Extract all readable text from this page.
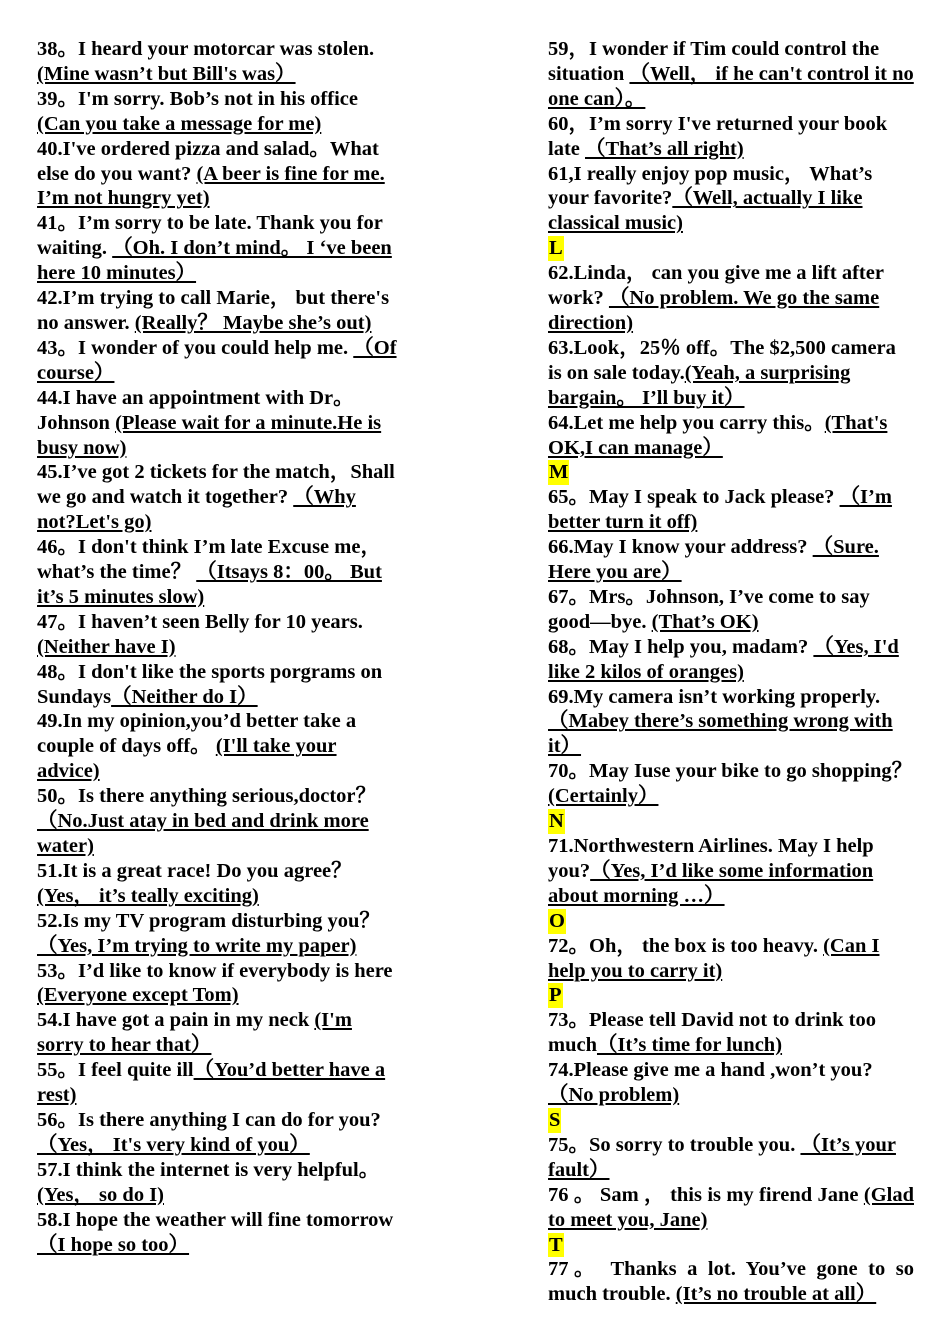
38。I heard your motorcar was stolen. (Mine wasn’t but Bill's was）

39。I'm sorry. Bob’s not in his office (Can you take a message for me)

40.I've ordered pizza and salad。What else do you want? (A beer is fine for me. I’m not hungry yet)

41。I’m sorry to be late. Thank you for waiting. （Oh. I don’t mind。 I ‘ve been here 10 minutes）

42.I’m trying to call Marie， but there's no answer. (Really？ Maybe she’s out)

43。I wonder of you could help me. （Of course）

44.I have an appointment with Dr。Johnson (Please wait for a minute.He is busy now)

45.I’ve got 2 tickets for the match，Shall we go and watch it together? （Why not?Let's go)

46。I don't think I’m late Excuse me， what’s the time？ （Itsays 8：00。 But it’s 5 minutes slow)

47。I haven’t seen Belly for 10 years. (Neither have I)

48。I don't like the sports porgrams on Sundays（Neither do I）

49.In my opinion,you’d better take a couple of days off。 (I'll take your advice)

50。Is there anything serious,doctor？ （No.Just atay in bed and drink more water)

51.It is a great race! Do you agree？(Yes， it’s teally exciting)

52.Is my TV program disturbing you？ （Yes, I’m trying to write my paper)

53。I’d like to know if everybody is here (Everyone except Tom)

54.I have got a pain in my neck (I'm sorry to hear that）

55。I feel quite ill（You’d better have a rest)

56。Is there anything I can do for you? （Yes， It's very kind of you）

57.I think the internet is very helpful。 (Yes， so do I)

58.I hope the weather will fine tomorrow （I hope so too）

59，I wonder if Tim could control the situation （Well， if he can't control it no one can）。

60，I’m sorry I've returned your book late （That’s all right)

61,I really enjoy pop music， What’s your favorite?（Well, actually I like classical music)

L

62.Linda， can you give me a lift after work? （No problem. We go the same direction)

63.Look，25％ off。The $2,500 camera is on sale today.(Yeah, a surprising bargain。 I’ll buy it）

64.Let me help you carry this。(That's OK,I can manage）

M

65。May I speak to Jack please? （I’m better turn it off)

66.May I know your address? （Sure. Here you are）

67。Mrs。Johnson, I’ve come to say good—bye. (That’s OK)

68。May I help you, madam? （Yes, I'd like 2 kilos of oranges)

69.My camera isn’t working properly. （Mabey there’s something wrong with it）

70。May Iuse your bike to go shopping？ (Certainly）

N

71.Northwestern Airlines. May I help you?（Yes, I’d like some information about morning …）

O

72。Oh， the box is too heavy. (Can I help you to carry it)

P

73。Please tell David not to drink too much（It’s time for lunch)

74.Please give me a hand ,won’t you? （No problem)

S

75。So sorry to trouble you. （It’s your fault）

76 。 Sam ， this is my firend Jane (Glad to meet you, Jane)

T

77。 Thanks a lot. You’ve gone to so much trouble. (It’s no trouble at all）
